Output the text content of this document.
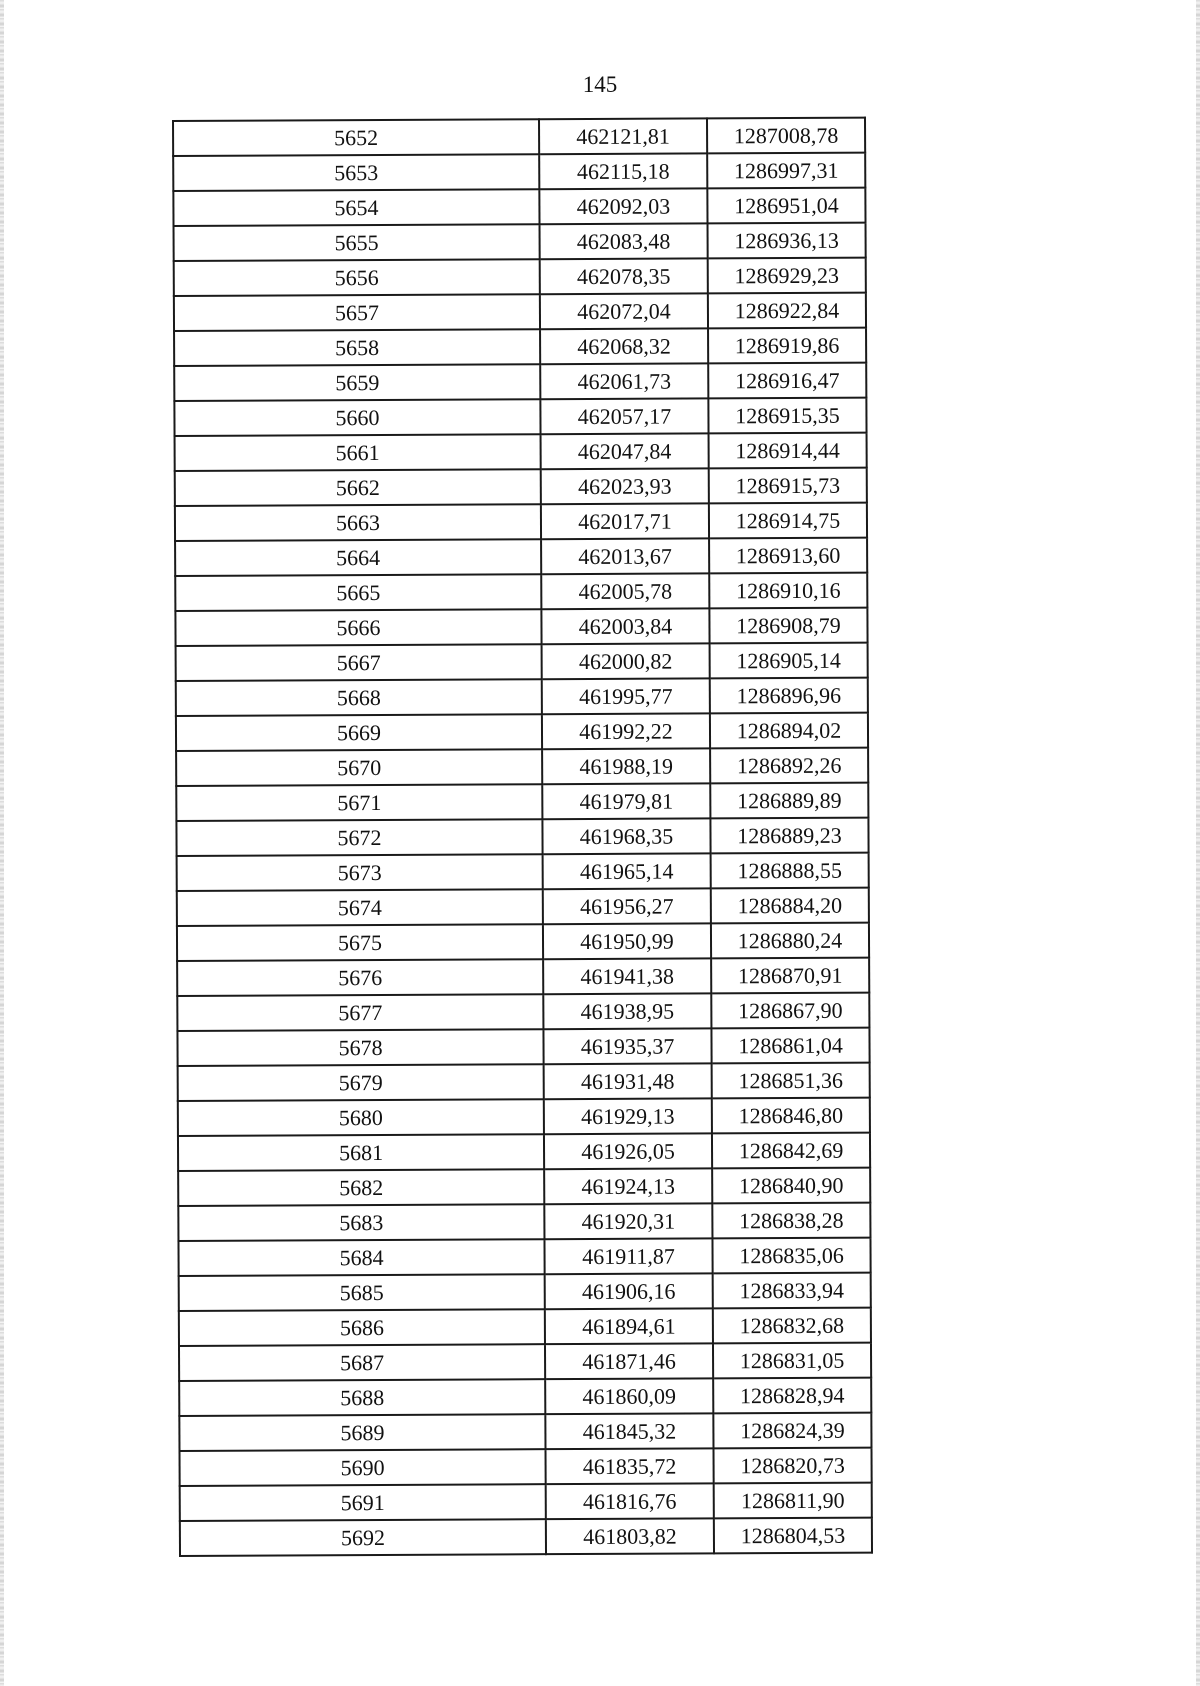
145
5652	462121,81	1287008,78
5653	462115,18	1286997,31
5654	462092,03	1286951,04
5655	462083,48	1286936,13
5656	462078,35	1286929,23
5657	462072,04	1286922,84
5658	462068,32	1286919,86
5659	462061,73	1286916,47
5660	462057,17	1286915,35
5661	462047,84	1286914,44
5662	462023,93	1286915,73
5663	462017,71	1286914,75
5664	462013,67	1286913,60
5665	462005,78	1286910,16
5666	462003,84	1286908,79
5667	462000,82	1286905,14
5668	461995,77	1286896,96
5669	461992,22	1286894,02
5670	461988,19	1286892,26
5671	461979,81	1286889,89
5672	461968,35	1286889,23
5673	461965,14	1286888,55
5674	461956,27	1286884,20
5675	461950,99	1286880,24
5676	461941,38	1286870,91
5677	461938,95	1286867,90
5678	461935,37	1286861,04
5679	461931,48	1286851,36
5680	461929,13	1286846,80
5681	461926,05	1286842,69
5682	461924,13	1286840,90
5683	461920,31	1286838,28
5684	461911,87	1286835,06
5685	461906,16	1286833,94
5686	461894,61	1286832,68
5687	461871,46	1286831,05
5688	461860,09	1286828,94
5689	461845,32	1286824,39
5690	461835,72	1286820,73
5691	461816,76	1286811,90
5692	461803,82	1286804,53
